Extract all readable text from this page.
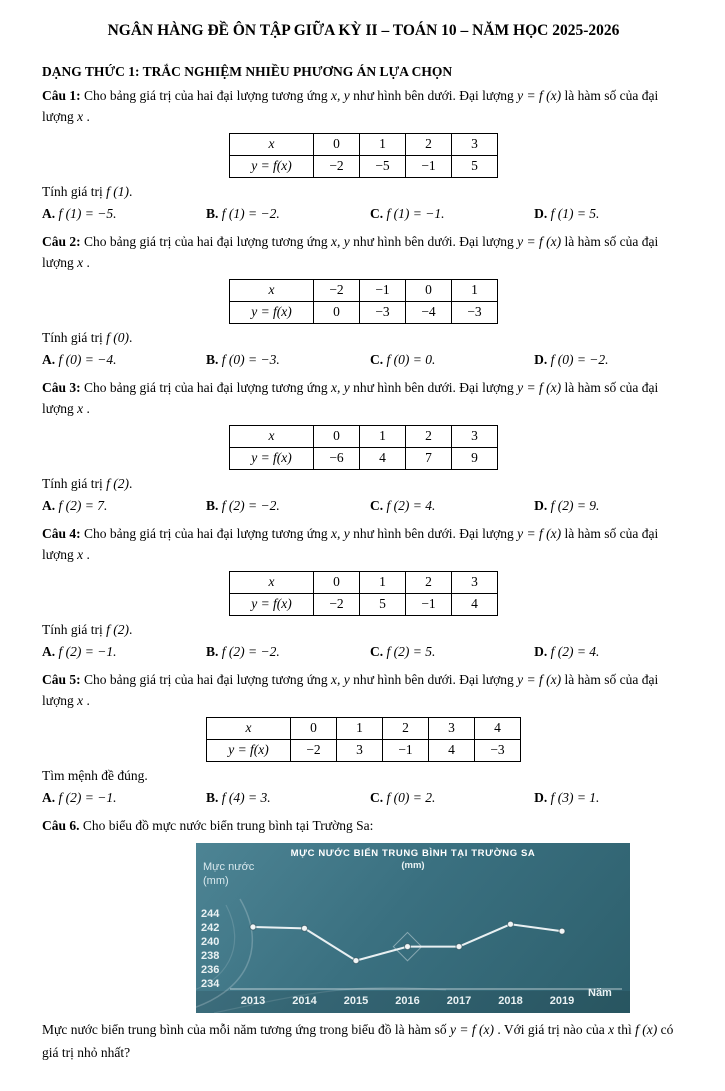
NGÂN HÀNG ĐỀ ÔN TẬP GIỮA KỲ II – TOÁN 10 – NĂM HỌC 2025-2026
DẠNG THỨC 1: TRẮC NGHIỆM NHIỀU PHƯƠNG ÁN LỰA CHỌN

Câu 1: Cho bảng giá trị của hai đại lượng tương ứng x, y như hình bên dưới. Đại lượng y = f (x) là hàm số của đại lượng x .

x	0	1	2	3
y = f(x)	−2	−5	−1	5

Tính giá trị f (1).

A. f (1) = −5.	B. f (1) = −2.	C. f (1) = −1.	D. f (1) = 5.

Câu 2: Cho bảng giá trị của hai đại lượng tương ứng x, y như hình bên dưới. Đại lượng y = f (x) là hàm số của đại lượng x .

x	−2	−1	0	1
y = f(x)	0	−3	−4	−3

Tính giá trị f (0).

A. f (0) = −4.	B. f (0) = −3.	C. f (0) = 0.	D. f (0) = −2.

Câu 3: Cho bảng giá trị của hai đại lượng tương ứng x, y như hình bên dưới. Đại lượng y = f (x) là hàm số của đại lượng x .

x	0	1	2	3
y = f(x)	−6	4	7	9

Tính giá trị f (2).

A. f (2) = 7.	B. f (2) = −2.	C. f (2) = 4.	D. f (2) = 9.

Câu 4: Cho bảng giá trị của hai đại lượng tương ứng x, y như hình bên dưới. Đại lượng y = f (x) là hàm số của đại lượng x .

x	0	1	2	3
y = f(x)	−2	5	−1	4

Tính giá trị f (2).

A. f (2) = −1.	B. f (2) = −2.	C. f (2) = 5.	D. f (2) = 4.

Câu 5: Cho bảng giá trị của hai đại lượng tương ứng x, y như hình bên dưới. Đại lượng y = f (x) là hàm số của đại lượng x .

x	0	1	2	3	4
y = f(x)	−2	3	−1	4	−3

Tìm mệnh đề đúng.

A. f (2) = −1.	B. f (4) = 3.	C. f (0) = 2.	D. f (3) = 1.

Câu 6. Cho biểu đồ mực nước biển trung bình tại Trường Sa:

234
236
238
240
242
244
2013 2014 2015 2016 2017 2018 2019
Năm
MỰC NƯỚC BIỂN TRUNG BÌNH TẠI TRƯỜNG SA
(mm)
Mực nước
(mm)

Mực nước biển trung bình của mỗi năm tương ứng trong biểu đồ là hàm số y = f (x) . Với giá trị nào của x thì f (x) có giá trị nhỏ nhất?
